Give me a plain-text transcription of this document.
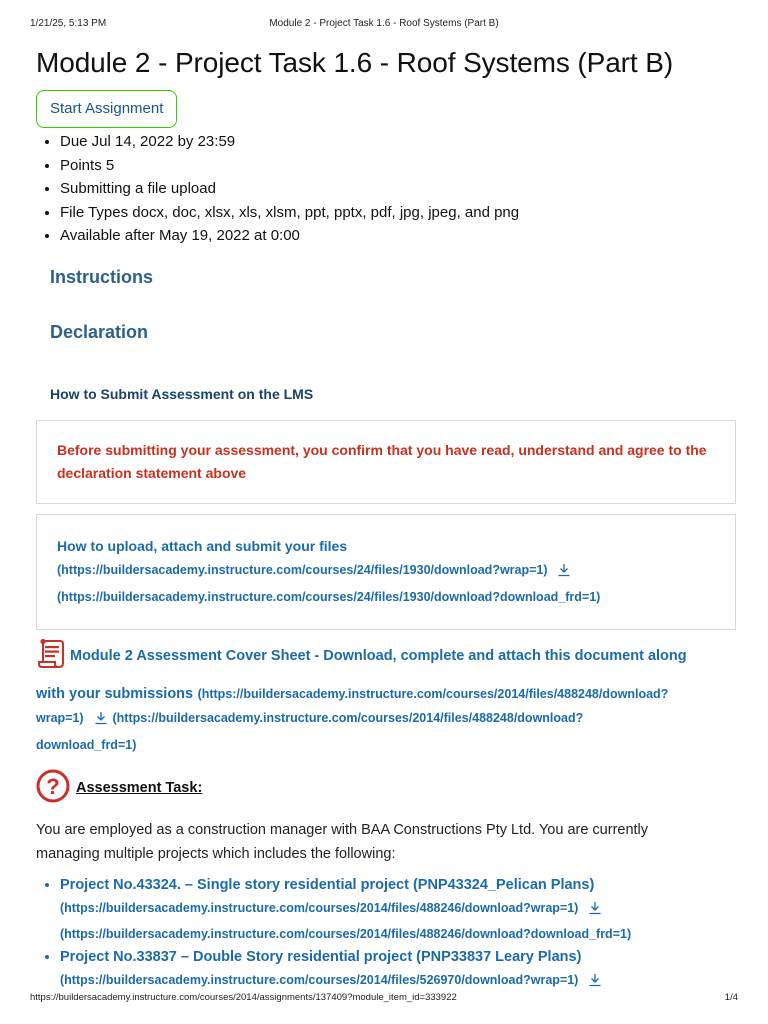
1/21/25, 5:13 PM	Module 2 - Project Task 1.6 - Roof Systems (Part B)
Module 2 - Project Task 1.6 - Roof Systems (Part B)
Start Assignment
• Due Jul 14, 2022 by 23:59
• Points 5
• Submitting a file upload
• File Types docx, doc, xlsx, xls, xlsm, ppt, pptx, pdf, jpg, jpeg, and png
• Available after May 19, 2022 at 0:00
Instructions
Declaration
How to Submit Assessment on the LMS
Before submitting your assessment, you confirm that you have read, understand and agree to the declaration statement above
How to upload, attach and submit your files
(https://buildersacademy.instructure.com/courses/24/files/1930/download?wrap=1)
(https://buildersacademy.instructure.com/courses/24/files/1930/download?download_frd=1)
Module 2 Assessment Cover Sheet - Download, complete and attach this document along
with your submissions (https://buildersacademy.instructure.com/courses/2014/files/488248/download?
wrap=1) (https://buildersacademy.instructure.com/courses/2014/files/488248/download?
download_frd=1)
? Assessment Task:

You are employed as a construction manager with BAA Constructions Pty Ltd. You are currently
managing multiple projects which includes the following:

• Project No.43324. – Single story residential project (PNP43324_Pelican Plans)
(https://buildersacademy.instructure.com/courses/2014/files/488246/download?wrap=1)
(https://buildersacademy.instructure.com/courses/2014/files/488246/download?download_frd=1)
• Project No.33837 – Double Story residential project (PNP33837 Leary Plans)
(https://buildersacademy.instructure.com/courses/2014/files/526970/download?wrap=1)
https://buildersacademy.instructure.com/courses/2014/assignments/137409?module_item_id=333922	1/4
